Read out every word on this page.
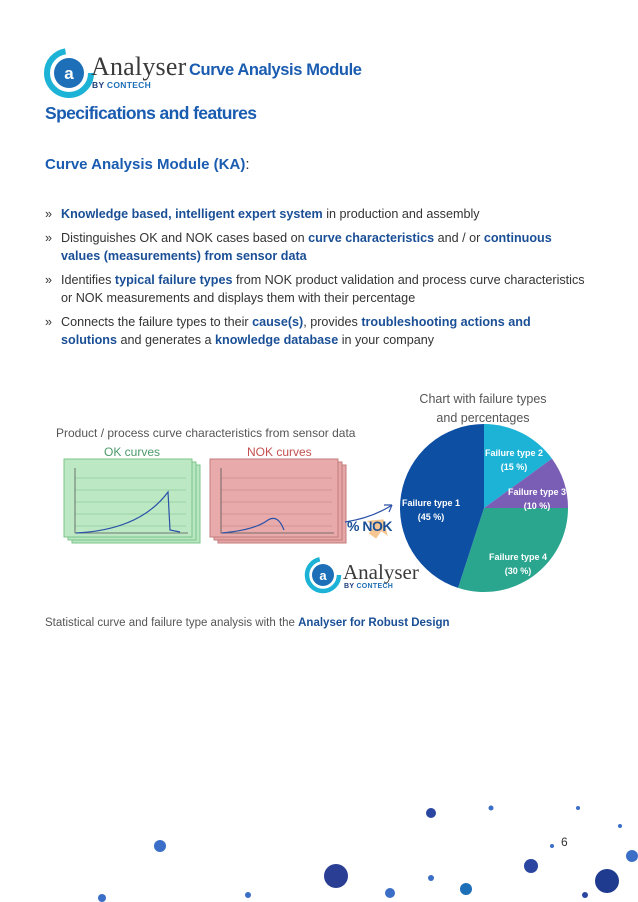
a Analyser
BY CONTECH
Curve Analysis Module
Specifications and features
Curve Analysis Module (KA):
» Knowledge based, intelligent expert system in production and assembly
» Distinguishes OK and NOK cases based on curve characteristics and / or continuous values (measurements) from sensor data
» Identifies typical failure types from NOK product validation and process curve characteristics or NOK measurements and displays them with their percentage
» Connects the failure types to their cause(s), provides troubleshooting actions and solutions and generates a knowledge database in your company
a
Chart with failure types
and percentages
Product / process curve characteristics from sensor data
OK curves	NOK curves
% NOK
Failure type 1
(45 %)
Failure type 2
(15 %)
Failure type 3
(10 %)
Failure type 4
(30 %)
Analyser
BY CONTECH
Statistical curve and failure type analysis with the Analyser for Robust Design
6
